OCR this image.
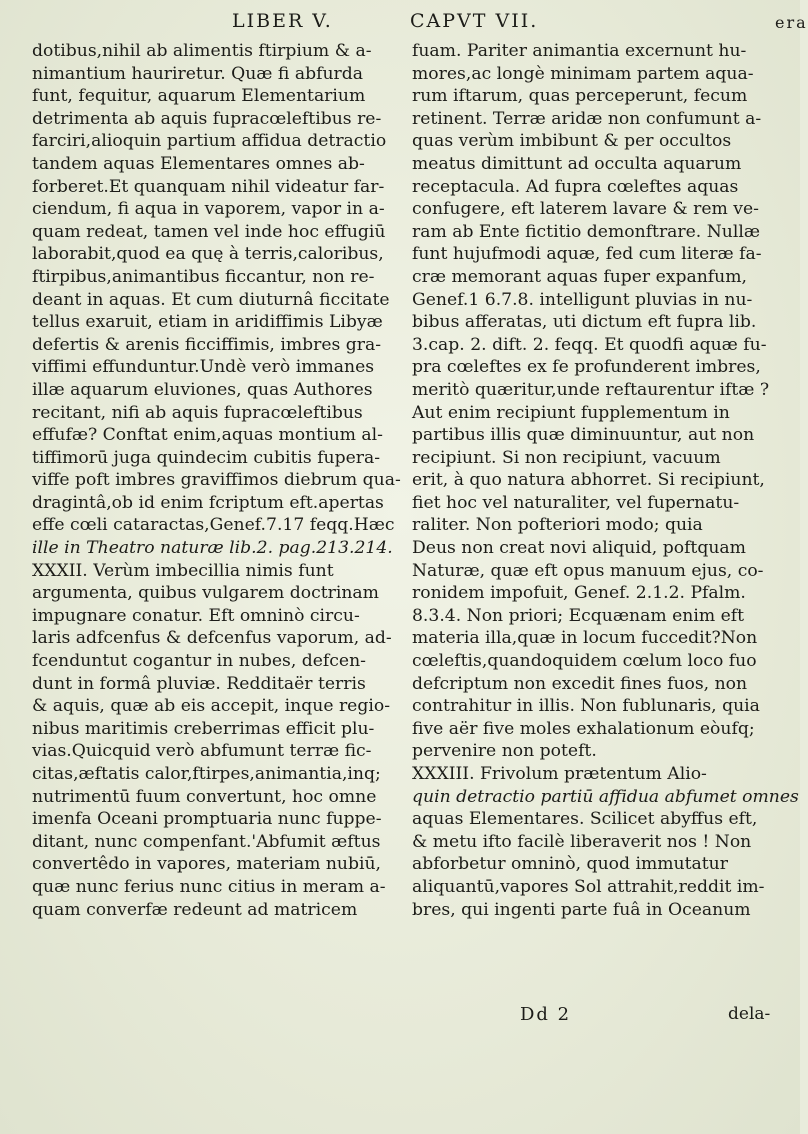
LIBER V.	CAPVT VII.	era
dotibus,nihil ab alimentis ftirpium & a-
nimantium hauriretur. Quæ fi abfurda
funt, fequitur, aquarum Elementarium
detrimenta ab aquis fupracœleftibus re-
farciri,alioquin partium affidua detractio
tandem aquas Elementares omnes ab-
forberet.Et quanquam nihil videatur far-
ciendum, fi aqua in vaporem, vapor in a-
quam redeat, tamen vel inde hoc effugiū
laborabit,quod ea quę à terris,caloribus,
ftirpibus,animantibus ficcantur, non re-
deant in aquas. Et cum diuturnâ ficcitate
tellus exaruit, etiam in aridiffimis Libyæ
defertis & arenis ficciffimis, imbres gra-
viffimi effunduntur.Undè verò immanes
illæ aquarum eluviones, quas Authores
recitant, nifi ab aquis fupracœleftibus
effufæ? Conftat enim,aquas montium al-
tiffimorū juga quindecim cubitis fupera-
viffe poft imbres graviffimos diebrum qua-
dragintâ,ob id enim fcriptum eft.apertas
effe cœli cataractas,Genef.7.17 feqq.Hæc
ille in Theatro naturæ lib.2. pag.213.214.
XXXII. Verùm imbecillia nimis funt
argumenta, quibus vulgarem doctrinam
impugnare conatur. Eft omninò circu-
laris adfcenfus & defcenfus vaporum, ad-
fcenduntut cogantur in nubes, defcen-
dunt in formâ pluviæ. Redditaër terris
& aquis, quæ ab eis accepit, inque regio-
nibus maritimis creberrimas efficit plu-
vias.Quicquid verò abfumunt terræ fic-
citas,æftatis calor,ftirpes,animantia,inq;
nutrimentū fuum convertunt, hoc omne
imenfa Oceani promptuaria nunc fuppe-
ditant, nunc compenfant.'Abfumit æftus
convertêdo in vapores, materiam nubiū,
quæ nunc ferius nunc citius in meram a-
quam converfæ redeunt ad matricem
fuam. Pariter animantia excernunt hu-
mores,ac longè minimam partem aqua-
rum iftarum, quas perceperunt, fecum
retinent. Terræ aridæ non confumunt a-
quas verùm imbibunt & per occultos
meatus dimittunt ad occulta aquarum
receptacula. Ad fupra cœleftes aquas
confugere, eft laterem lavare & rem ve-
ram ab Ente fictitio demonftrare. Nullæ
funt hujufmodi aquæ, fed cum literæ fa-
cræ memorant aquas fuper expanfum,
Genef.1 6.7.8. intelligunt pluvias in nu-
bibus afferatas, uti dictum eft fupra lib.
3.cap. 2. dift. 2. feqq. Et quodfi aquæ fu-
pra cœleftes ex fe profunderent imbres,
meritò quæritur,unde reftaurentur iftæ ?
Aut enim recipiunt fupplementum in
partibus illis quæ diminuuntur, aut non
recipiunt. Si non recipiunt, vacuum
erit, à quo natura abhorret. Si recipiunt,
fiet hoc vel naturaliter, vel fupernatu-
raliter. Non pofteriori modo; quia
Deus non creat novi aliquid, poftquam
Naturæ, quæ eft opus manuum ejus, co-
ronidem impofuit, Genef. 2.1.2. Pfalm.
8.3.4. Non priori; Ecquænam enim eft
materia illa,quæ in locum fuccedit?Non
cœleftis,quandoquidem cœlum loco fuo
defcriptum non excedit fines fuos, non
contrahitur in illis. Non fublunaris, quia
five aër five moles exhalationum eòufq;
pervenire non poteft.
XXXIII. Frivolum prætentum Alio-
quin detractio partiū affidua abfumet omnes
aquas Elementares. Scilicet abyffus eft,
& metu ifto facilè liberaverit nos ! Non
abforbetur omninò, quod immutatur
aliquantū,vapores Sol attrahit,reddit im-
bres, qui ingenti parte fuâ in Oceanum
Dd 2	dela-
